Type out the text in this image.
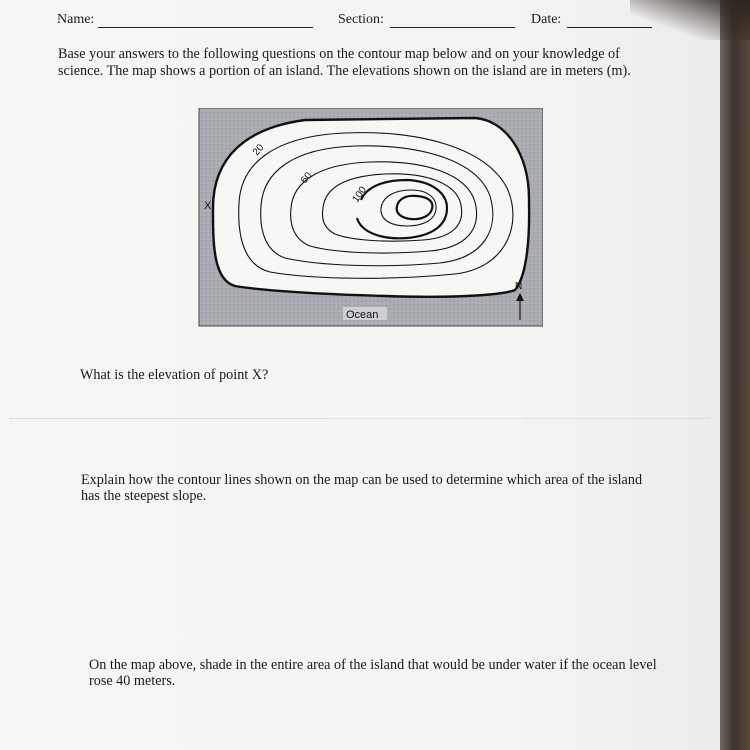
Name:	Section:	Date:
Base your answers to the following questions on the contour map below and on your knowledge of science. The map shows a portion of an island. The elevations shown on the island are in meters (m).
20
60
100
X
N
Ocean
What is the elevation of point X?
Explain how the contour lines shown on the map can be used to determine which area of the island has the steepest slope.
On the map above, shade in the entire area of the island that would be under water if the ocean level rose 40 meters.
